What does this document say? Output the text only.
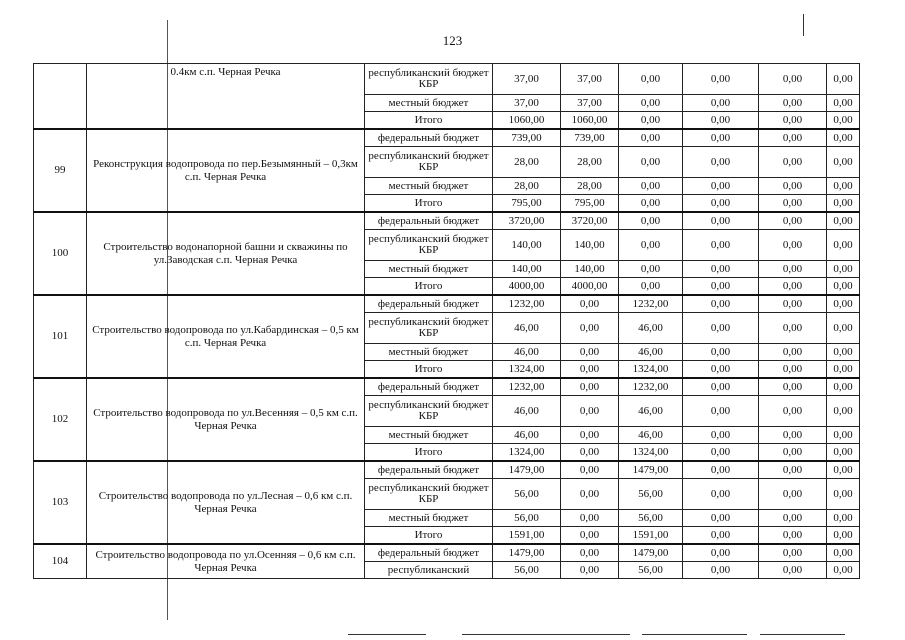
123
	0.4км с.п. Черная Речка	республиканский бюджет КБР	37,00	37,00	0,00	0,00	0,00	0,00
		местный бюджет	37,00	37,00	0,00	0,00	0,00	0,00
		Итого	1060,00	1060,00	0,00	0,00	0,00	0,00
99	Реконструкция водопровода по пер.Безымянный – 0,3км с.п. Черная Речка	федеральный бюджет	739,00	739,00	0,00	0,00	0,00	0,00
		республиканский бюджет КБР	28,00	28,00	0,00	0,00	0,00	0,00
		местный бюджет	28,00	28,00	0,00	0,00	0,00	0,00
		Итого	795,00	795,00	0,00	0,00	0,00	0,00
100	Строительство водонапорной башни и скважины по ул.Заводская с.п. Черная Речка	федеральный бюджет	3720,00	3720,00	0,00	0,00	0,00	0,00
		республиканский бюджет КБР	140,00	140,00	0,00	0,00	0,00	0,00
		местный бюджет	140,00	140,00	0,00	0,00	0,00	0,00
		Итого	4000,00	4000,00	0,00	0,00	0,00	0,00
101	Строительство водопровода по ул.Кабардинская – 0,5 км с.п. Черная Речка	федеральный бюджет	1232,00	0,00	1232,00	0,00	0,00	0,00
		республиканский бюджет КБР	46,00	0,00	46,00	0,00	0,00	0,00
		местный бюджет	46,00	0,00	46,00	0,00	0,00	0,00
		Итого	1324,00	0,00	1324,00	0,00	0,00	0,00
102	Строительство водопровода по ул.Весенняя – 0,5 км с.п. Черная Речка	федеральный бюджет	1232,00	0,00	1232,00	0,00	0,00	0,00
		республиканский бюджет КБР	46,00	0,00	46,00	0,00	0,00	0,00
		местный бюджет	46,00	0,00	46,00	0,00	0,00	0,00
		Итого	1324,00	0,00	1324,00	0,00	0,00	0,00
103	Строительство водопровода по ул.Лесная – 0,6 км с.п. Черная Речка	федеральный бюджет	1479,00	0,00	1479,00	0,00	0,00	0,00
		республиканский бюджет КБР	56,00	0,00	56,00	0,00	0,00	0,00
		местный бюджет	56,00	0,00	56,00	0,00	0,00	0,00
		Итого	1591,00	0,00	1591,00	0,00	0,00	0,00
104	Строительство водопровода по ул.Осенняя – 0,6 км с.п. Черная Речка	федеральный бюджет	1479,00	0,00	1479,00	0,00	0,00	0,00
		республиканский	56,00	0,00	56,00	0,00	0,00	0,00
